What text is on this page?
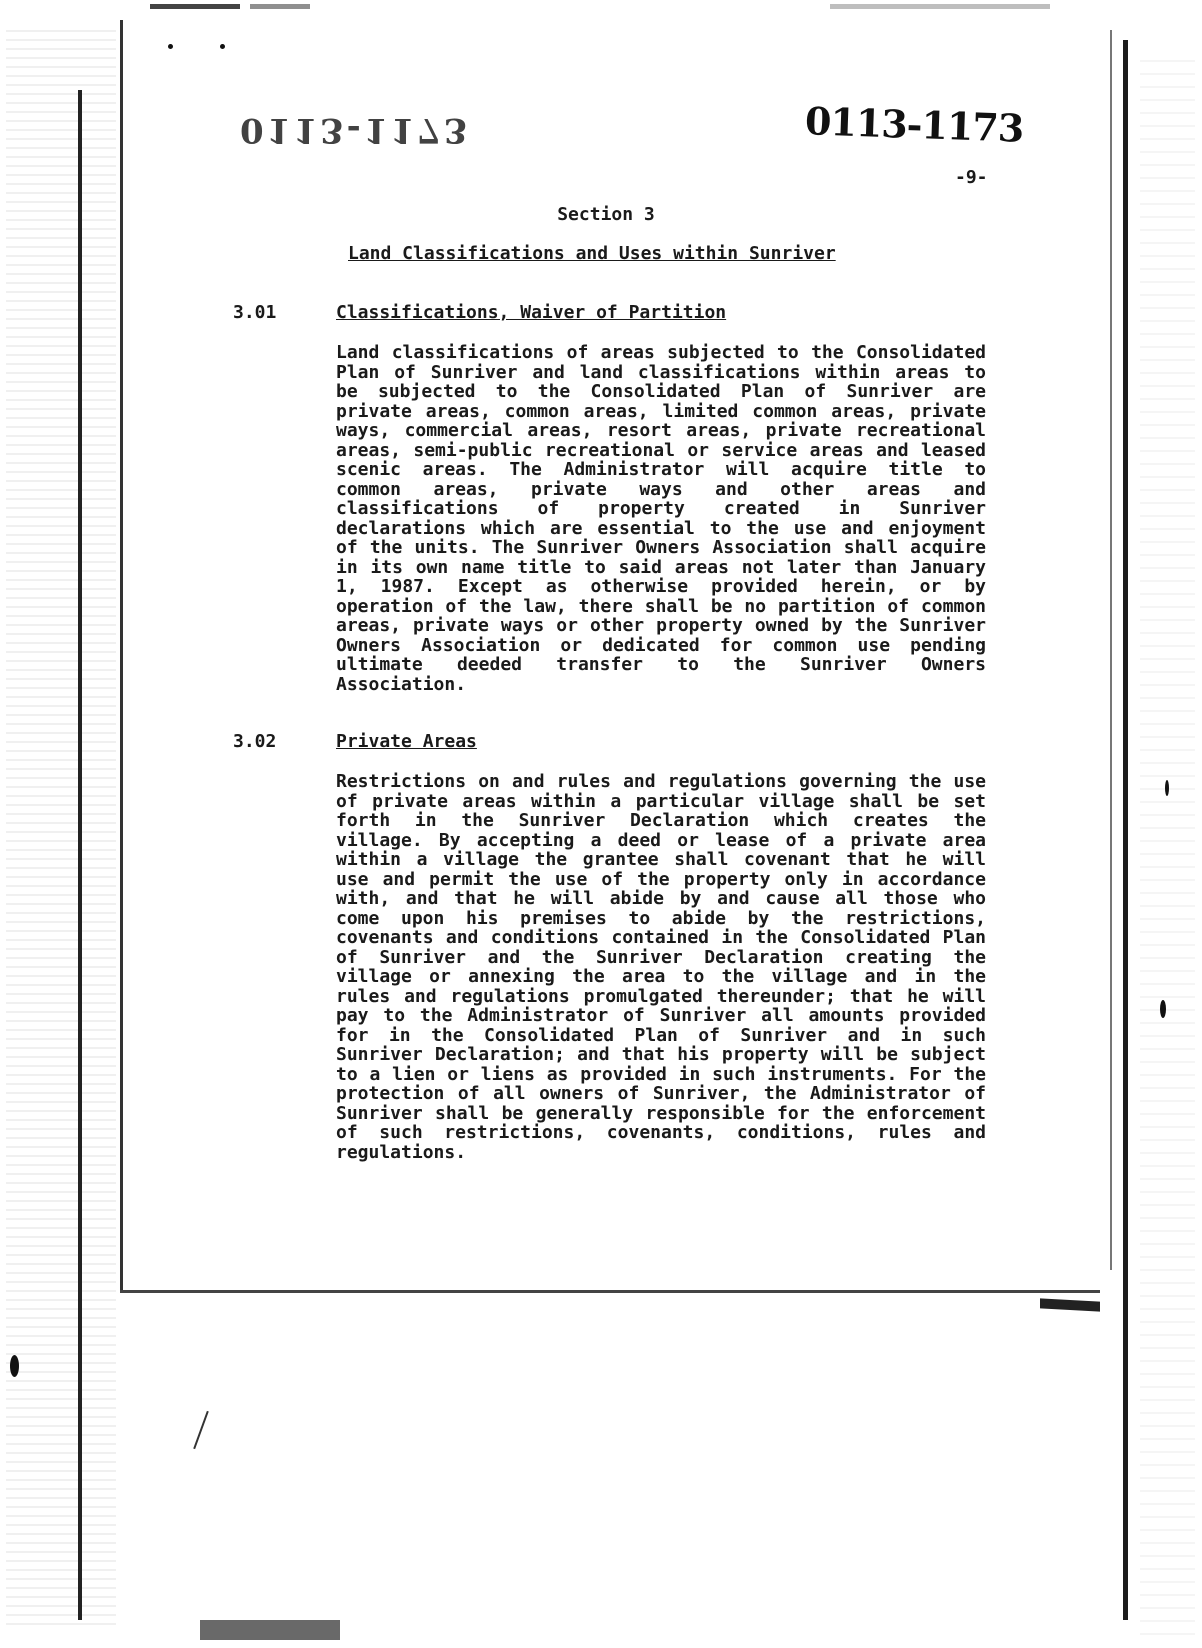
0113-1173	0113-1173
-9-
Section 3
Land Classifications and Uses within Sunriver
3.01	Classifications, Waiver of Partition

Land classifications of areas subjected to the Consolidated Plan of Sunriver and land classifications within areas to be subjected to the Consolidated Plan of Sunriver are private areas, common areas, limited common areas, private ways, commercial areas, resort areas, private recreational areas, semi-public recreational or service areas and leased scenic areas. The Administrator will acquire title to common areas, private ways and other areas and classifications of property created in Sunriver declarations which are essential to the use and enjoyment of the units. The Sunriver Owners Association shall acquire in its own name title to said areas not later than January 1, 1987. Except as otherwise provided herein, or by operation of the law, there shall be no partition of common areas, private ways or other property owned by the Sunriver Owners Association or dedicated for common use pending ultimate deeded transfer to the Sunriver Owners Association.

3.02	Private Areas

Restrictions on and rules and regulations governing the use of private areas within a particular village shall be set forth in the Sunriver Declaration which creates the village. By accepting a deed or lease of a private area within a village the grantee shall covenant that he will use and permit the use of the property only in accordance with, and that he will abide by and cause all those who come upon his premises to abide by the restrictions, covenants and conditions contained in the Consolidated Plan of Sunriver and the Sunriver Declaration creating the village or annexing the area to the village and in the rules and regulations promulgated thereunder; that he will pay to the Administrator of Sunriver all amounts provided for in the Consolidated Plan of Sunriver and in such Sunriver Declaration; and that his property will be subject to a lien or liens as provided in such instruments. For the protection of all owners of Sunriver, the Administrator of Sunriver shall be generally responsible for the enforcement of such restrictions, covenants, conditions, rules and regulations.
